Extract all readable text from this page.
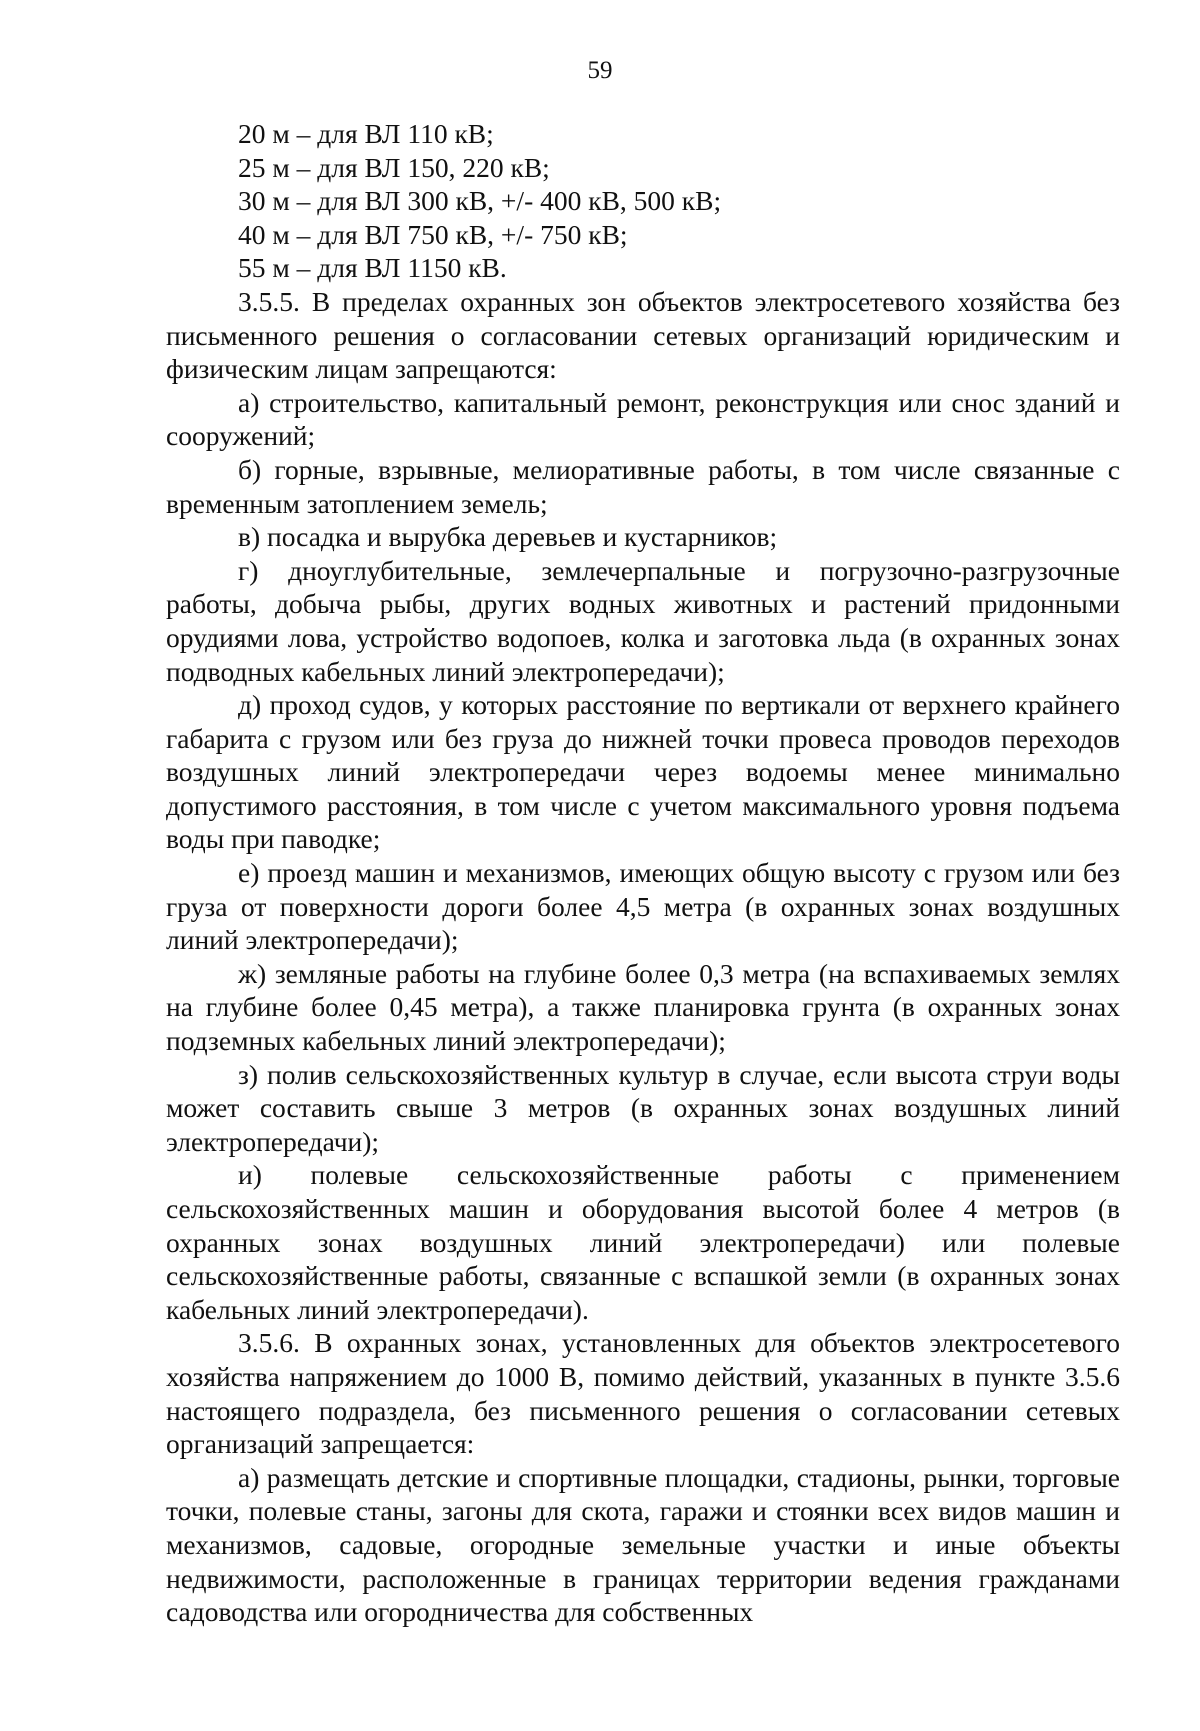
59

20 м – для ВЛ 110 кВ;

25 м – для ВЛ 150, 220 кВ;

30 м – для ВЛ 300 кВ, +/- 400 кВ, 500 кВ;

40 м – для ВЛ 750 кВ, +/- 750 кВ;

55 м – для ВЛ 1150 кВ.

3.5.5. В пределах охранных зон объектов электросетевого хозяйства без письменного решения о согласовании сетевых организаций юридическим и физическим лицам запрещаются:

а) строительство, капитальный ремонт, реконструкция или снос зданий и сооружений;

б) горные, взрывные, мелиоративные работы, в том числе связанные с временным затоплением земель;

в) посадка и вырубка деревьев и кустарников;

г) дноуглубительные, землечерпальные и погрузочно-разгрузочные работы, добыча рыбы, других водных животных и растений придонными орудиями лова, устройство водопоев, колка и заготовка льда (в охранных зонах подводных кабельных линий электропередачи);

д) проход судов, у которых расстояние по вертикали от верхнего крайнего габарита с грузом или без груза до нижней точки провеса проводов переходов воздушных линий электропередачи через водоемы менее минимально допустимого расстояния, в том числе с учетом максимального уровня подъема воды при паводке;

е) проезд машин и механизмов, имеющих общую высоту с грузом или без груза от поверхности дороги более 4,5 метра (в охранных зонах воздушных линий электропередачи);

ж) земляные работы на глубине более 0,3 метра (на вспахиваемых землях на глубине более 0,45 метра), а также планировка грунта (в охранных зонах подземных кабельных линий электропередачи);

з) полив сельскохозяйственных культур в случае, если высота струи воды может составить свыше 3 метров (в охранных зонах воздушных линий электропередачи);

и) полевые сельскохозяйственные работы с применением сельскохозяйственных машин и оборудования высотой более 4 метров (в охранных зонах воздушных линий электропередачи) или полевые сельскохозяйственные работы, связанные с вспашкой земли (в охранных зонах кабельных линий электропередачи).

3.5.6. В охранных зонах, установленных для объектов электросетевого хозяйства напряжением до 1000 В, помимо действий, указанных в пункте 3.5.6 настоящего подраздела, без письменного решения о согласовании сетевых организаций запрещается:

а) размещать детские и спортивные площадки, стадионы, рынки, торговые точки, полевые станы, загоны для скота, гаражи и стоянки всех видов машин и механизмов, садовые, огородные земельные участки и иные объекты недвижимости, расположенные в границах территории ведения гражданами садоводства или огородничества для собственных
